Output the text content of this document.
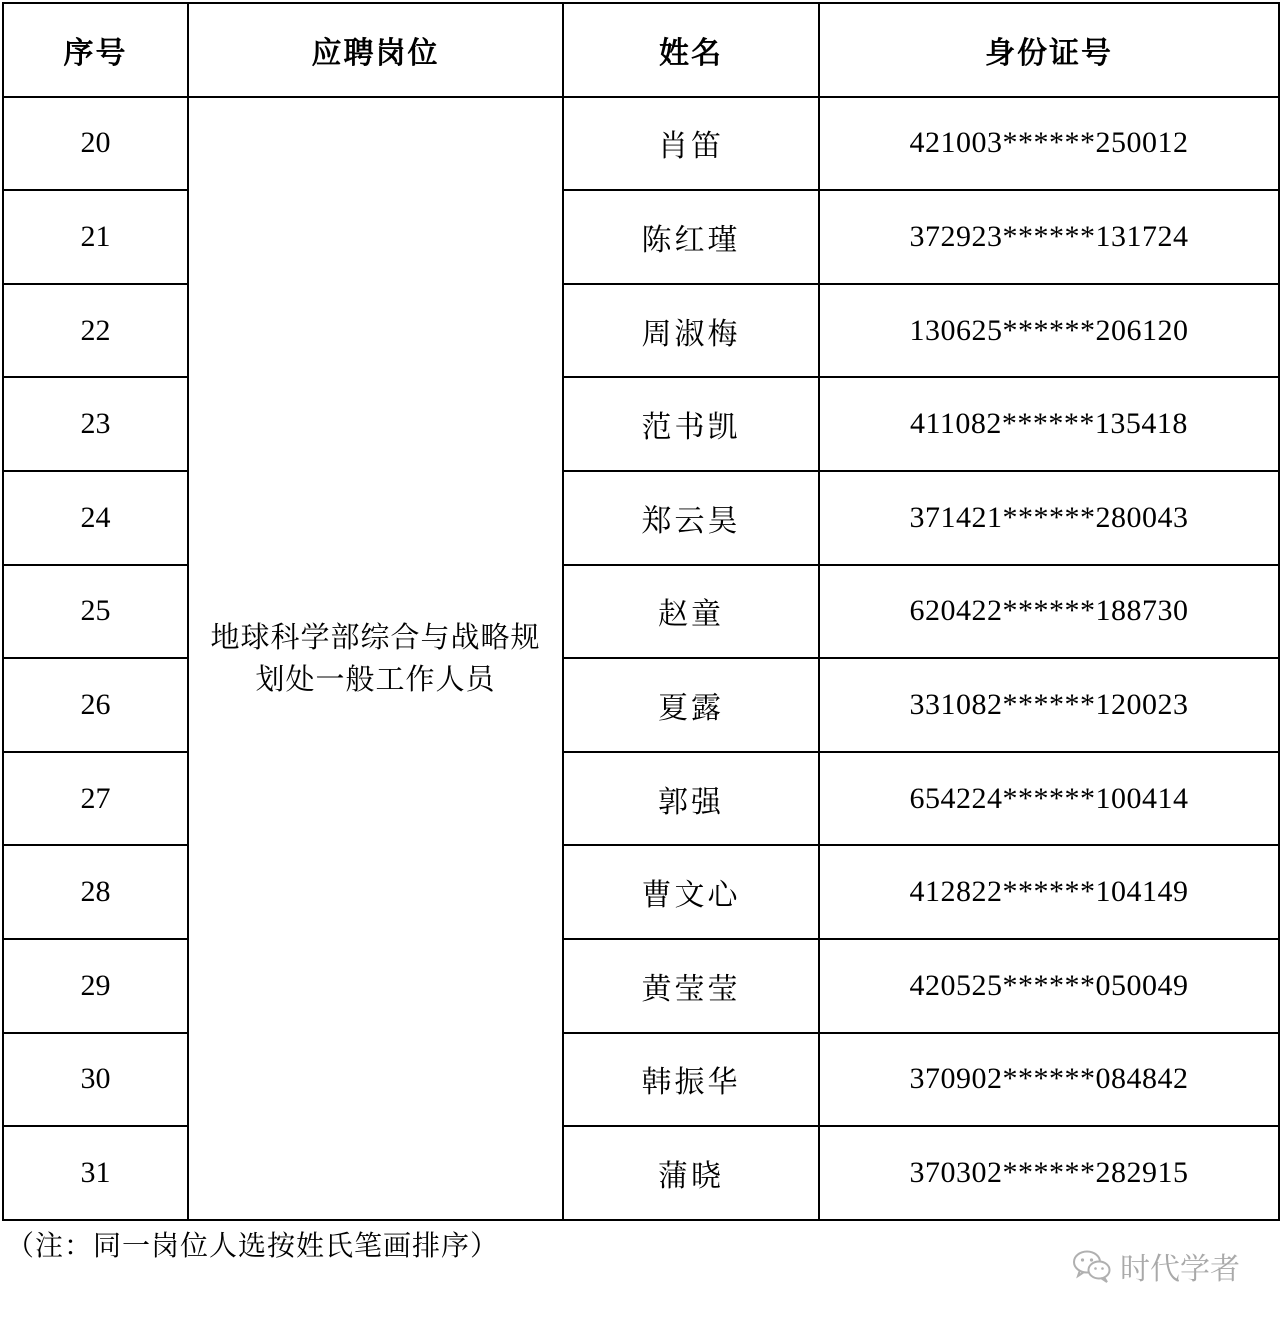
序号	应聘岗位	姓名	身份证号
20	地球科学部综合与战略规划处一般工作人员	肖笛	421003******250012
21		陈红瑾	372923******131724
22		周淑梅	130625******206120
23		范书凯	411082******135418
24		郑云昊	371421******280043
25		赵童	620422******188730
26		夏露	331082******120023
27		郭强	654224******100414
28		曹文心	412822******104149
29		黄莹莹	420525******050049
30		韩振华	370902******084842
31		蒲晓	370302******282915
（注：同一岗位人选按姓氏笔画排序）
时代学者
